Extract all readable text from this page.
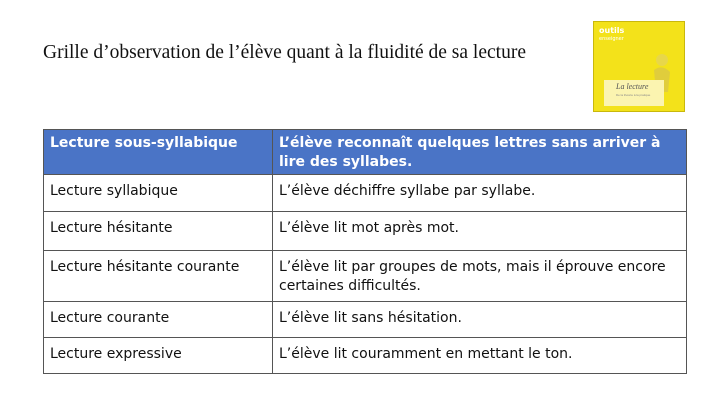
Grille d’observation de l’élève quant à la fluidité de sa lecture
outils
enseigner
La lecture
De la théorie à la pratique
Lecture sous-syllabique	L’élève reconnaît quelques lettres sans arriver à lire des syllabes.
Lecture syllabique	L’élève déchiffre syllabe par syllabe.
Lecture hésitante	L’élève lit mot après mot.
Lecture hésitante courante	L’élève lit par groupes de mots, mais il éprouve encore certaines difficultés.
Lecture courante	L’élève lit sans hésitation.
Lecture expressive	L’élève lit couramment en mettant le ton.
